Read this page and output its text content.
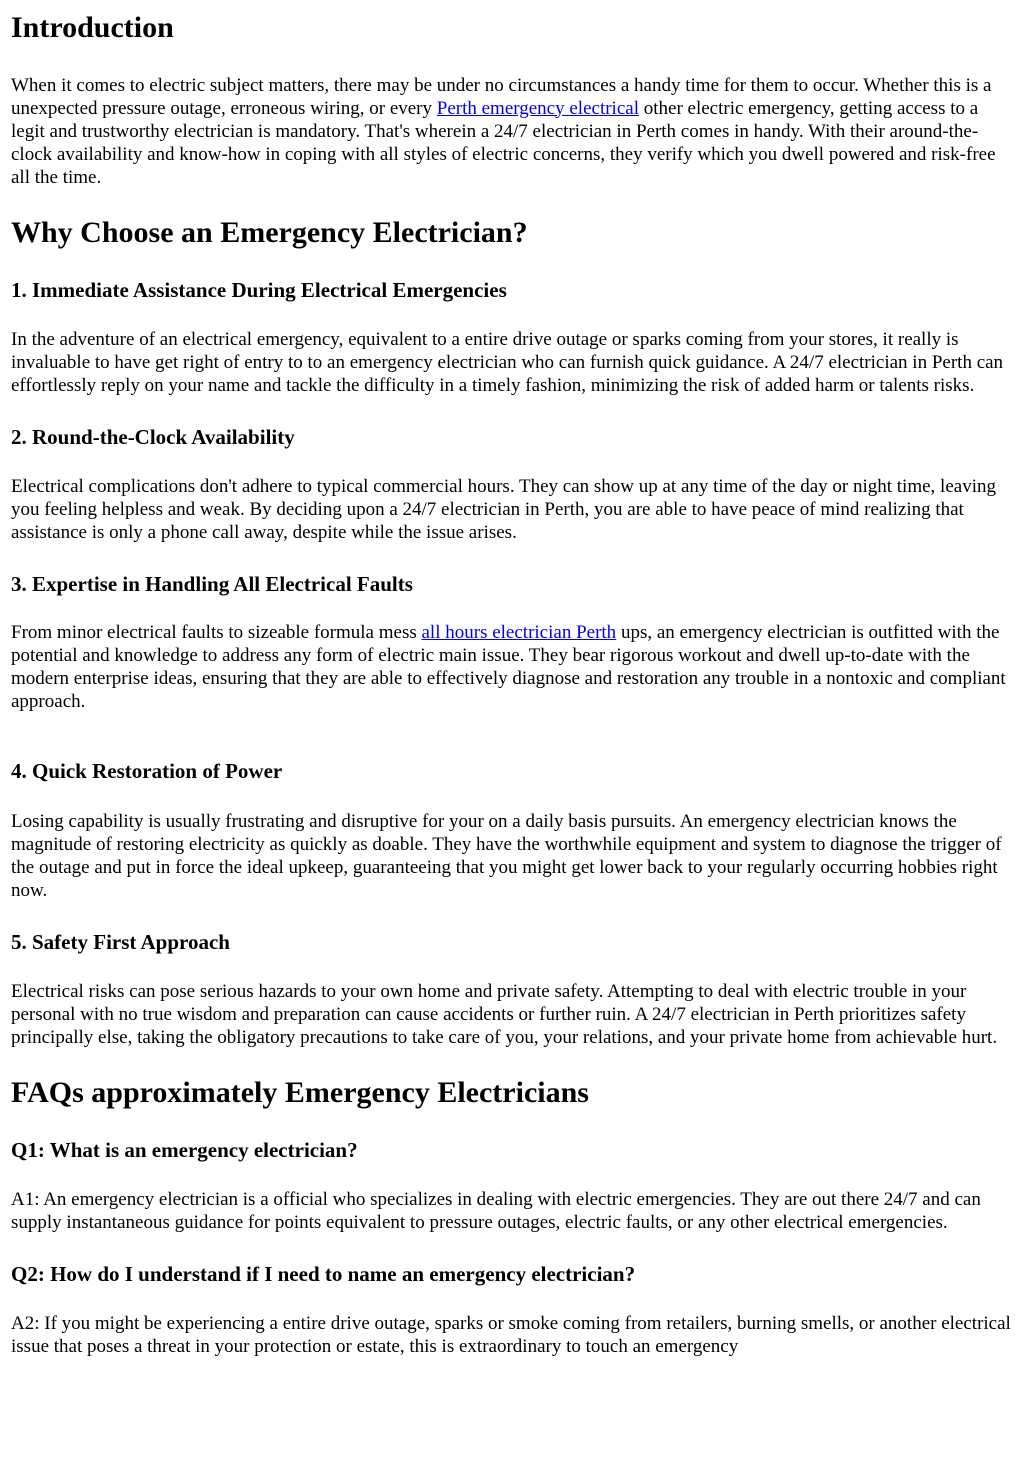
Introduction

When it comes to electric subject matters, there may be under no circumstances a handy time for them to occur. Whether this is a unexpected pressure outage, erroneous wiring, or every Perth emergency electrical other electric emergency, getting access to a legit and trustworthy electrician is mandatory. That's wherein a 24/7 electrician in Perth comes in handy. With their around-the-clock availability and know-how in coping with all styles of electric concerns, they verify which you dwell powered and risk-free all the time.

Why Choose an Emergency Electrician?
1. Immediate Assistance During Electrical Emergencies

In the adventure of an electrical emergency, equivalent to a entire drive outage or sparks coming from your stores, it really is invaluable to have get right of entry to to an emergency electrician who can furnish quick guidance. A 24/7 electrician in Perth can effortlessly reply on your name and tackle the difficulty in a timely fashion, minimizing the risk of added harm or talents risks.

2. Round-the-Clock Availability

Electrical complications don't adhere to typical commercial hours. They can show up at any time of the day or night time, leaving you feeling helpless and weak. By deciding upon a 24/7 electrician in Perth, you are able to have peace of mind realizing that assistance is only a phone call away, despite while the issue arises.

3. Expertise in Handling All Electrical Faults

From minor electrical faults to sizeable formula mess all hours electrician Perth ups, an emergency electrician is outfitted with the potential and knowledge to address any form of electric main issue. They bear rigorous workout and dwell up-to-date with the modern enterprise ideas, ensuring that they are able to effectively diagnose and restoration any trouble in a nontoxic and compliant approach.

4. Quick Restoration of Power

Losing capability is usually frustrating and disruptive for your on a daily basis pursuits. An emergency electrician knows the magnitude of restoring electricity as quickly as doable. They have the worthwhile equipment and system to diagnose the trigger of the outage and put in force the ideal upkeep, guaranteeing that you might get lower back to your regularly occurring hobbies right now.

5. Safety First Approach

Electrical risks can pose serious hazards to your own home and private safety. Attempting to deal with electric trouble in your personal with no true wisdom and preparation can cause accidents or further ruin. A 24/7 electrician in Perth prioritizes safety principally else, taking the obligatory precautions to take care of you, your relations, and your private home from achievable hurt.

FAQs approximately Emergency Electricians
Q1: What is an emergency electrician?

A1: An emergency electrician is a official who specializes in dealing with electric emergencies. They are out there 24/7 and can supply instantaneous guidance for points equivalent to pressure outages, electric faults, or any other electrical emergencies.

Q2: How do I understand if I need to name an emergency electrician?

A2: If you might be experiencing a entire drive outage, sparks or smoke coming from retailers, burning smells, or another electrical issue that poses a threat in your protection or estate, this is extraordinary to touch an emergency
